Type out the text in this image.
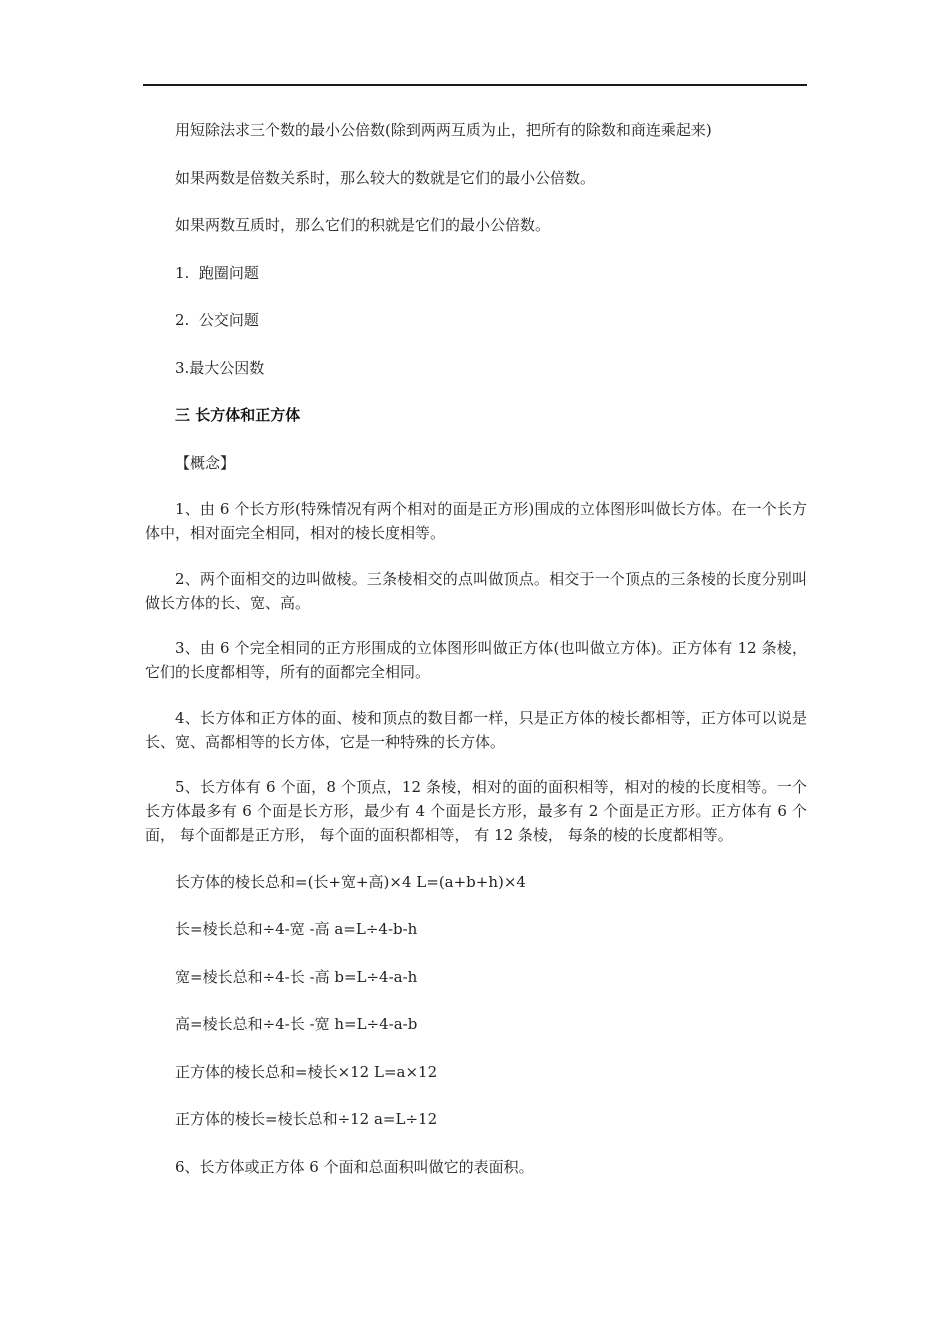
用短除法求三个数的最小公倍数(除到两两互质为止，把所有的除数和商连乘起来)

如果两数是倍数关系时，那么较大的数就是它们的最小公倍数。

如果两数互质时，那么它们的积就是它们的最小公倍数。

1.  跑圈问题

2.  公交问题

3.最大公因数

三 长方体和正方体

【概念】

1、由 6 个长方形(特殊情况有两个相对的面是正方形)围成的立体图形叫做长方体。在一个长方体中，相对面完全相同，相对的棱长度相等。

2、两个面相交的边叫做棱。三条棱相交的点叫做顶点。相交于一个顶点的三条棱的长度分别叫做长方体的长、宽、高。

3、由 6 个完全相同的正方形围成的立体图形叫做正方体(也叫做立方体)。正方体有 12 条棱，它们的长度都相等，所有的面都完全相同。

4、长方体和正方体的面、棱和顶点的数目都一样，只是正方体的棱长都相等，正方体可以说是长、宽、高都相等的长方体，它是一种特殊的长方体。

5、长方体有 6 个面，8 个顶点，12 条棱，相对的面的面积相等，相对的棱的长度相等。一个长方体最多有 6 个面是长方形，最少有 4 个面是长方形，最多有 2 个面是正方形。正方体有 6 个面， 每个面都是正方形， 每个面的面积都相等， 有 12 条棱， 每条的棱的长度都相等。

长方体的棱长总和=(长+宽+高)×4 L=(a+b+h)×4

长=棱长总和÷4-宽 -高 a=L÷4-b-h

宽=棱长总和÷4-长 -高 b=L÷4-a-h

高=棱长总和÷4-长 -宽 h=L÷4-a-b

正方体的棱长总和=棱长×12 L=a×12

正方体的棱长=棱长总和÷12 a=L÷12

6、长方体或正方体 6 个面和总面积叫做它的表面积。
